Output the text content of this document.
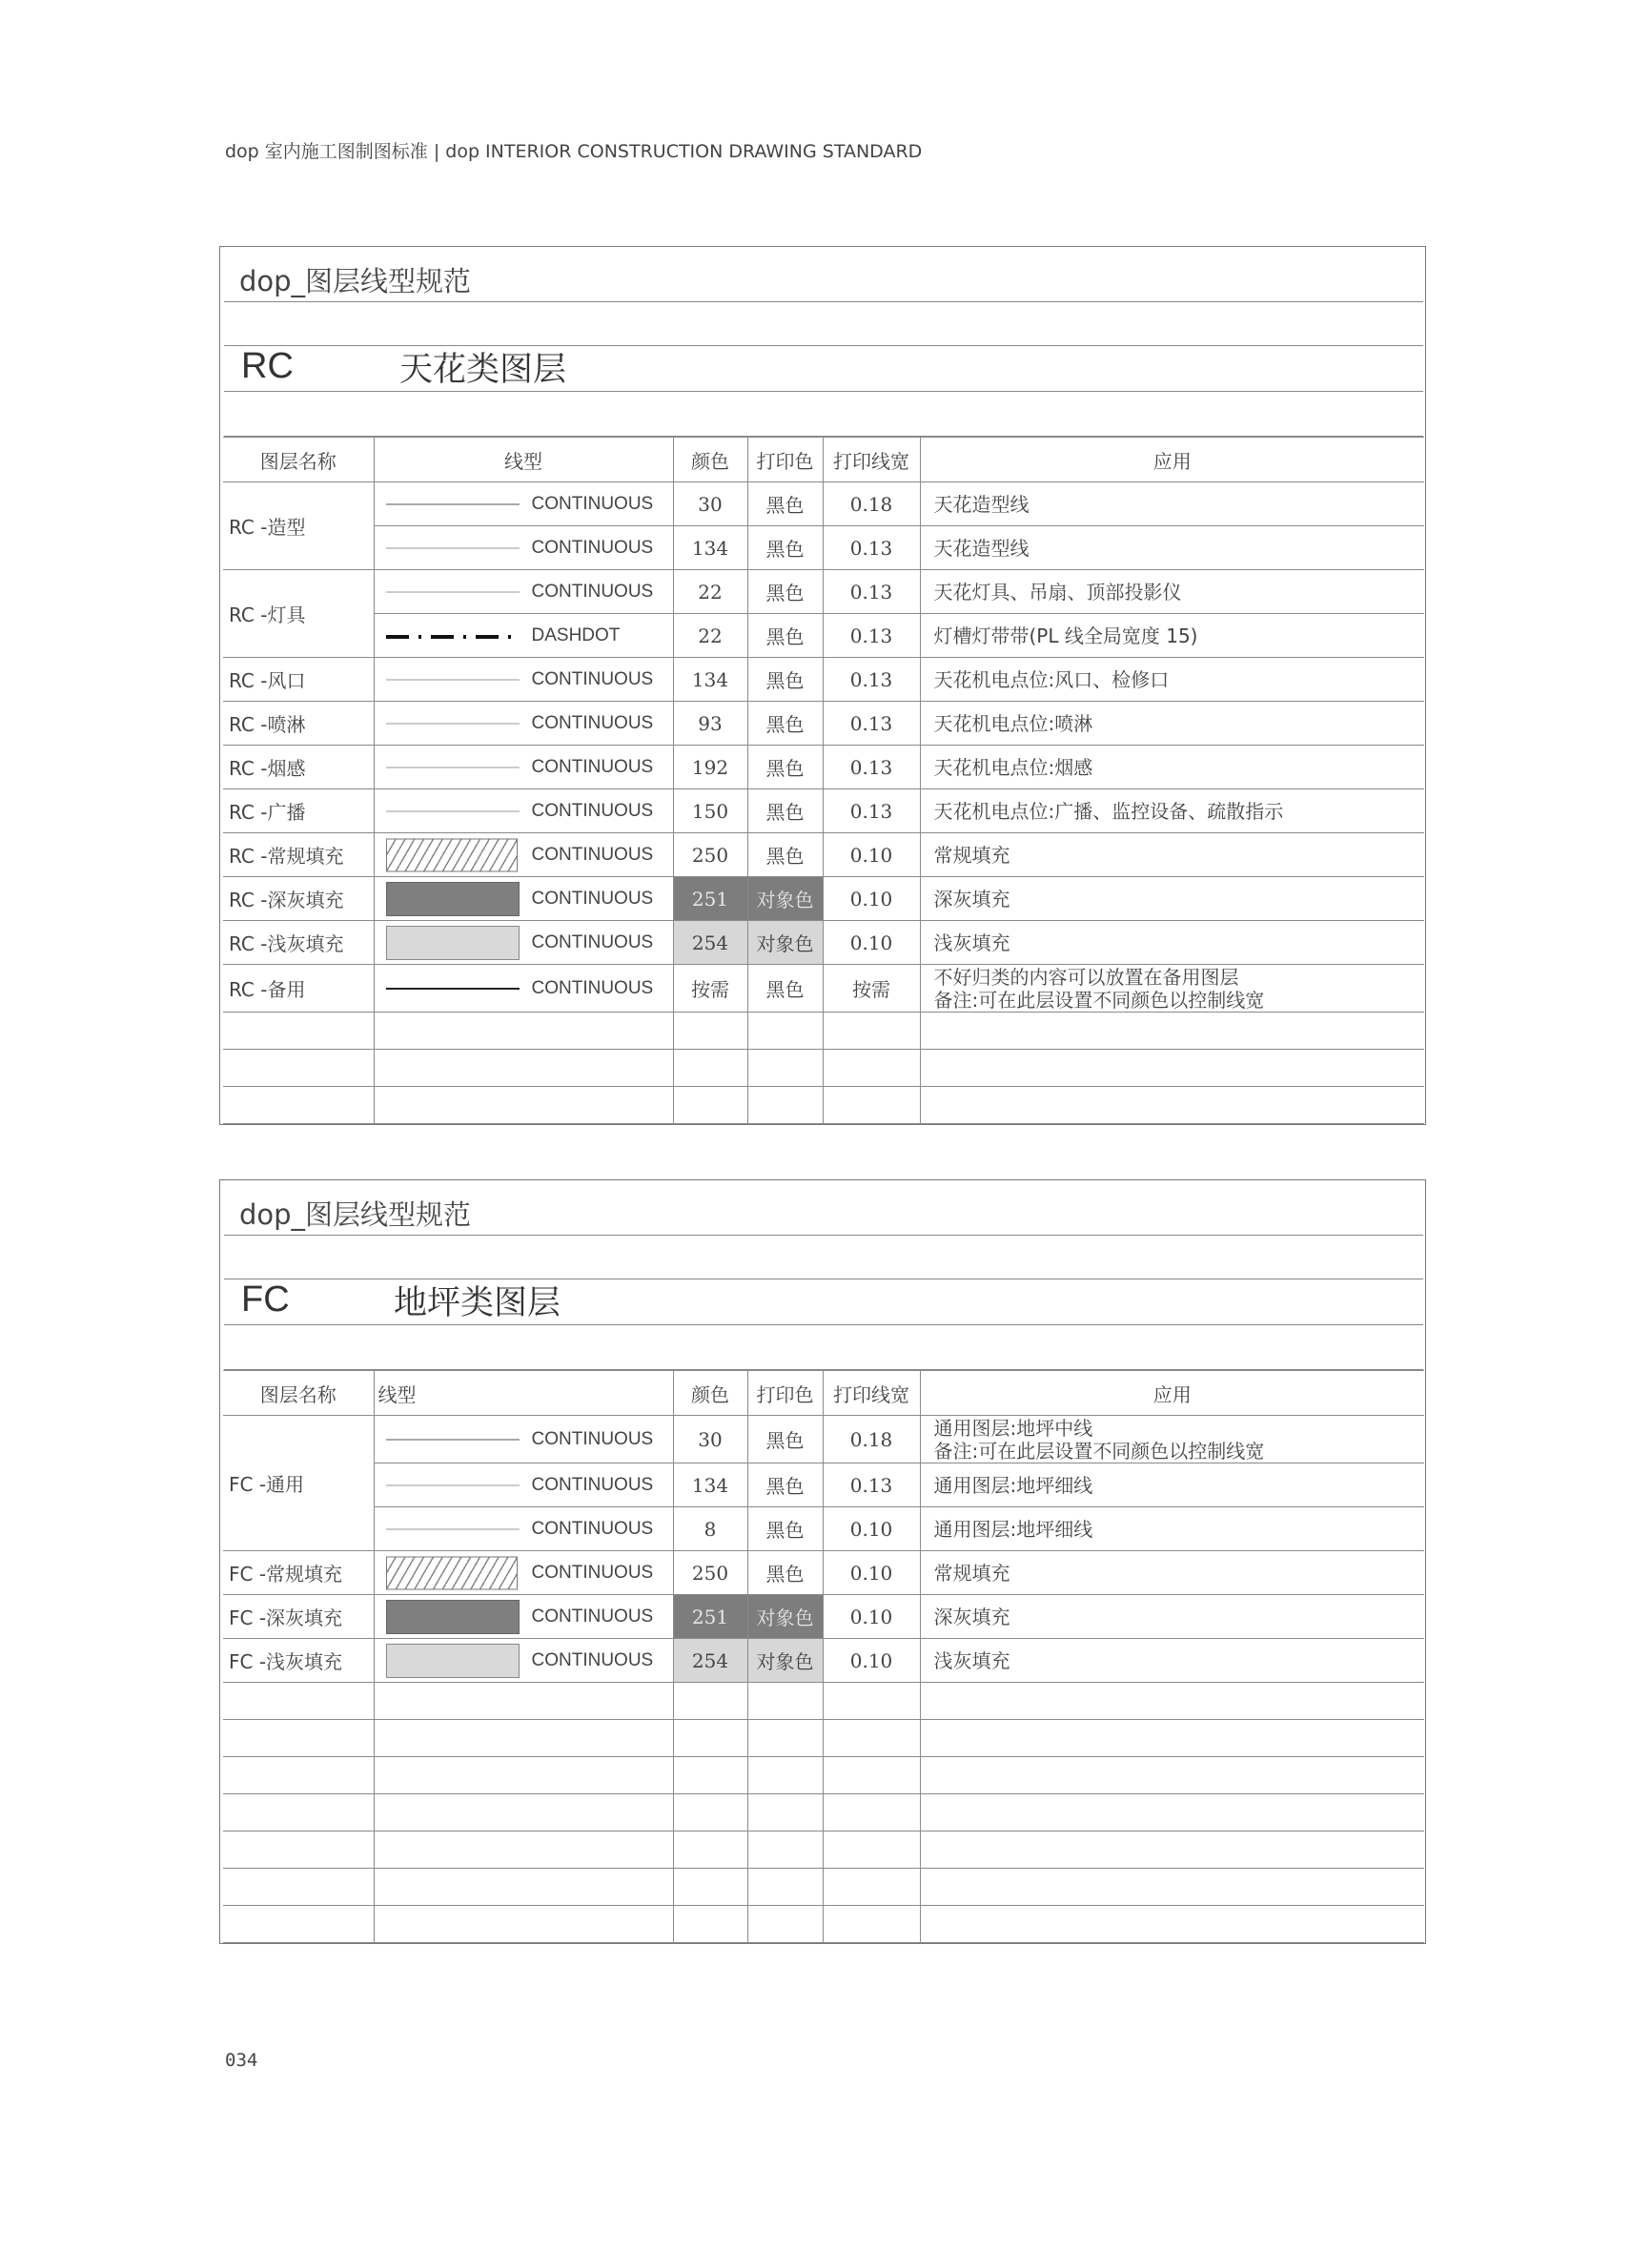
dop 室内施工图制图标准 | dop INTERIOR CONSTRUCTION DRAWING STANDARD
dop_图层线型规范
RC	天花类图层
图层名称	线型	颜色	打印色	打印线宽	应用
RC -造型	CONTINUOUS	30	黑色	0.18	天花造型线

	CONTINUOUS	134	黑色	0.13	天花造型线

RC -灯具	CONTINUOUS	22	黑色	0.13	天花灯具、吊扇、顶部投影仪

	DASHDOT	22	黑色	0.13	灯槽灯带带(PL 线全局宽度 15)

RC -风口	CONTINUOUS	134	黑色	0.13	天花机电点位:风口、检修口

RC -喷淋	CONTINUOUS	93	黑色	0.13	天花机电点位:喷淋

RC -烟感	CONTINUOUS	192	黑色	0.13	天花机电点位:烟感

RC -广播	CONTINUOUS	150	黑色	0.13	天花机电点位:广播、监控设备、疏散指示

RC -常规填充	CONTINUOUS	250	黑色	0.10	常规填充

RC -深灰填充	CONTINUOUS	251	对象色	0.10	深灰填充

RC -浅灰填充	CONTINUOUS	254	对象色	0.10	浅灰填充

RC -备用	CONTINUOUS	按需	黑色	按需	不好归类的内容可以放置在备用图层
备注:可在此层设置不同颜色以控制线宽

dop_图层线型规范
FC	地坪类图层
图层名称	线型	颜色	打印色	打印线宽	应用
FC -通用	CONTINUOUS	30	黑色	0.18	通用图层:地坪中线
备注:可在此层设置不同颜色以控制线宽

	CONTINUOUS	134	黑色	0.13	通用图层:地坪细线

	CONTINUOUS	8	黑色	0.10	通用图层:地坪细线

FC -常规填充	CONTINUOUS	250	黑色	0.10	常规填充

FC -深灰填充	CONTINUOUS	251	对象色	0.10	深灰填充

FC -浅灰填充	CONTINUOUS	254	对象色	0.10	浅灰填充

034
